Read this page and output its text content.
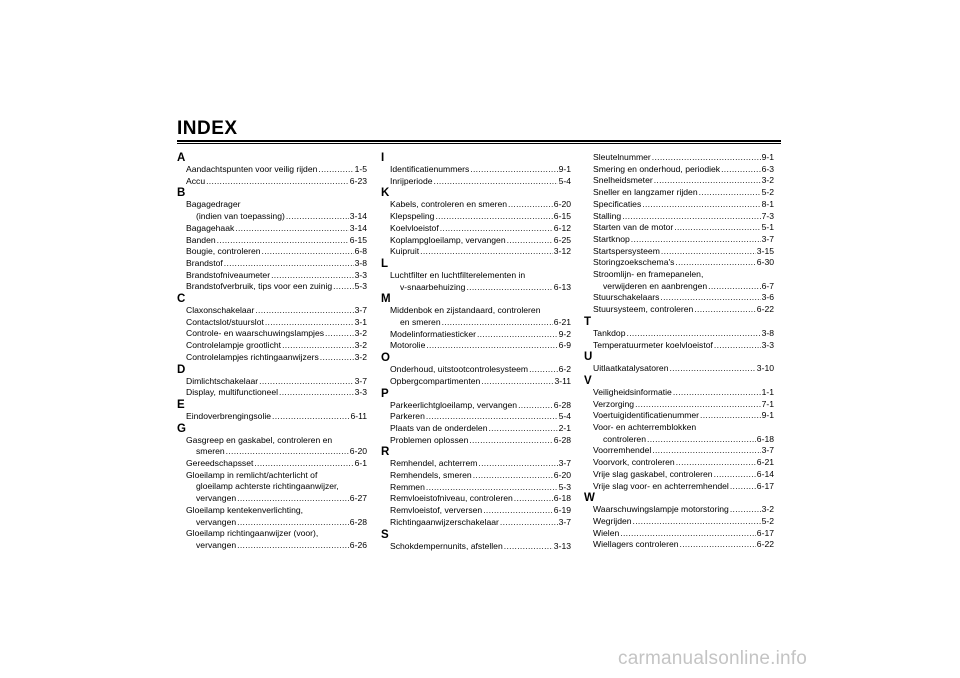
INDEX
A
Aandachtspunten voor veilig rijden .....	1-5
Accu .....	6-23
B
Bagagedrager
(indien van toepassing) .....	3-14
Bagagehaak .....	3-14
Banden .....	6-15
Bougie, controleren .....	6-8
Brandstof .....	3-8
Brandstofniveaumeter .....	3-3
Brandstofverbruik, tips voor een zuinig .....	5-3
C
Claxonschakelaar .....	3-7
Contactslot/stuurslot .....	3-1
Controle- en waarschuwingslampjes .....	3-2
Controlelampje grootlicht .....	3-2
Controlelampjes richtingaanwijzers .....	3-2
D
Dimlichtschakelaar .....	3-7
Display, multifunctioneel .....	3-3
E
Eindoverbrengingsolie .....	6-11
G
Gasgreep en gaskabel, controleren en
smeren .....	6-20
Gereedschapsset .....	6-1
Gloeilamp in remlicht/achterlicht of
gloeilamp achterste richtingaanwijzer,
vervangen .....	6-27
Gloeilamp kentekenverlichting,
vervangen .....	6-28
Gloeilamp richtingaanwijzer (voor),
vervangen .....	6-26
I
Identificatienummers .....	9-1
Inrijperiode .....	5-4
K
Kabels, controleren en smeren .....	6-20
Klepspeling .....	6-15
Koelvloeistof .....	6-12
Koplampgloeilamp, vervangen .....	6-25
Kuipruit .....	3-12
L
Luchtfilter en luchtfilterelementen in
v-snaarbehuizing .....	6-13
M
Middenbok en zijstandaard, controleren
en smeren .....	6-21
Modelinformatiesticker .....	9-2
Motorolie .....	6-9
O
Onderhoud, uitstootcontrolesysteem .....	6-2
Opbergcompartimenten .....	3-11
P
Parkeerlichtgloeilamp, vervangen .....	6-28
Parkeren .....	5-4
Plaats van de onderdelen .....	2-1
Problemen oplossen .....	6-28
R
Remhendel, achterrem .....	3-7
Remhendels, smeren .....	6-20
Remmen .....	5-3
Remvloeistofniveau, controleren .....	6-18
Remvloeistof, verversen .....	6-19
Richtingaanwijzerschakelaar .....	3-7
S
Schokdempernunits, afstellen .....	3-13
Sleutelnummer .....	9-1
Smering en onderhoud, periodiek .....	6-3
Snelheidsmeter .....	3-2
Sneller en langzamer rijden .....	5-2
Specificaties .....	8-1
Stalling .....	7-3
Starten van de motor .....	5-1
Startknop .....	3-7
Startspersysteem .....	3-15
Storingzoekschema's .....	6-30
Stroomlijn- en framepanelen,
verwijderen en aanbrengen .....	6-7
Stuurschakelaars .....	3-6
Stuursysteem, controleren .....	6-22
T
Tankdop .....	3-8
Temperatuurmeter koelvloeistof .....	3-3
U
Uitlaatkatalysatoren .....	3-10
V
Veiligheidsinformatie .....	1-1
Verzorging .....	7-1
Voertuigidentificatienummer .....	9-1
Voor- en achterremblokken
controleren .....	6-18
Voorremhendel .....	3-7
Voorvork, controleren .....	6-21
Vrije slag gaskabel, controleren .....	6-14
Vrije slag voor- en achterremhendel .....	6-17
W
Waarschuwingslampje motorstoring .....	3-2
Wegrijden .....	5-2
Wielen .....	6-17
Wiellagers controleren .....	6-22
carmanualsonline.info
